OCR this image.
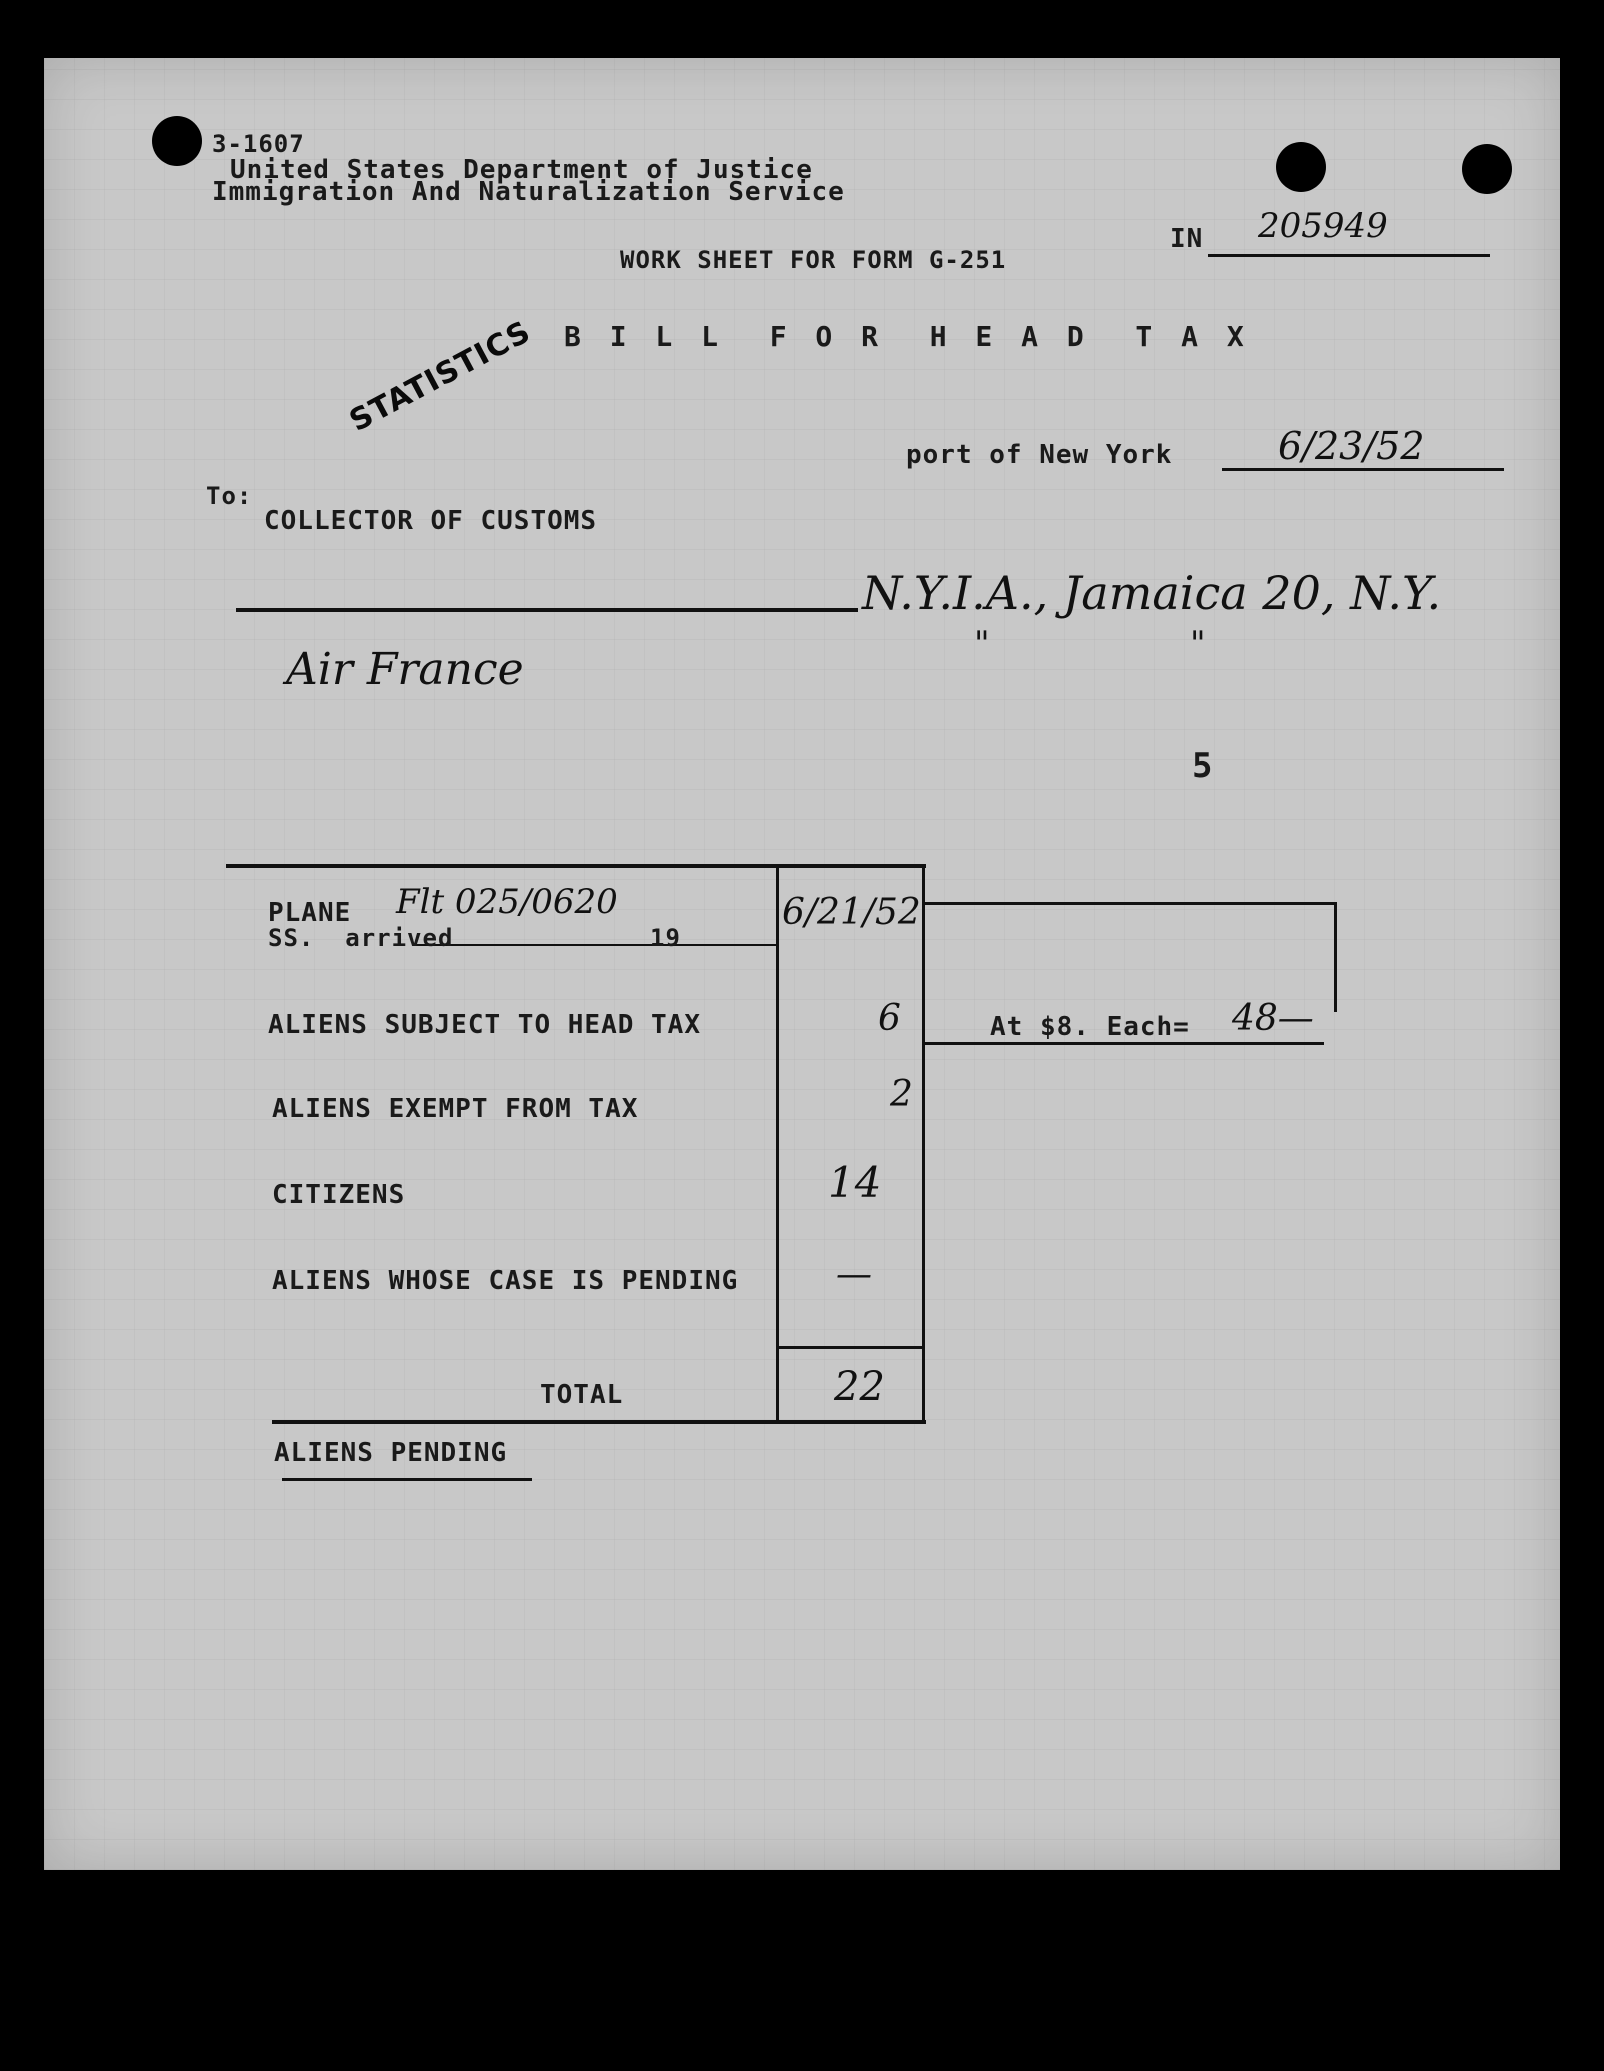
3-1607
United States Department of Justice
Immigration And Naturalization Service
IN 205949
WORK SHEET FOR FORM G-251
B I L L  F O R  H E A D  T A X
STATISTICS
port of New York	6/23/52
To:
COLLECTOR OF CUSTOMS
N.Y.I.A., Jamaica 20, N.Y.
"	"
Air France
5
PLANE Flt 025/0620
SS.  arrived	19
6/21/52
ALIENS SUBJECT TO HEAD TAX	6	At $8. Each= 48—
ALIENS EXEMPT FROM TAX	2
CITIZENS	14
ALIENS WHOSE CASE IS PENDING	—
TOTAL	22
ALIENS PENDING
